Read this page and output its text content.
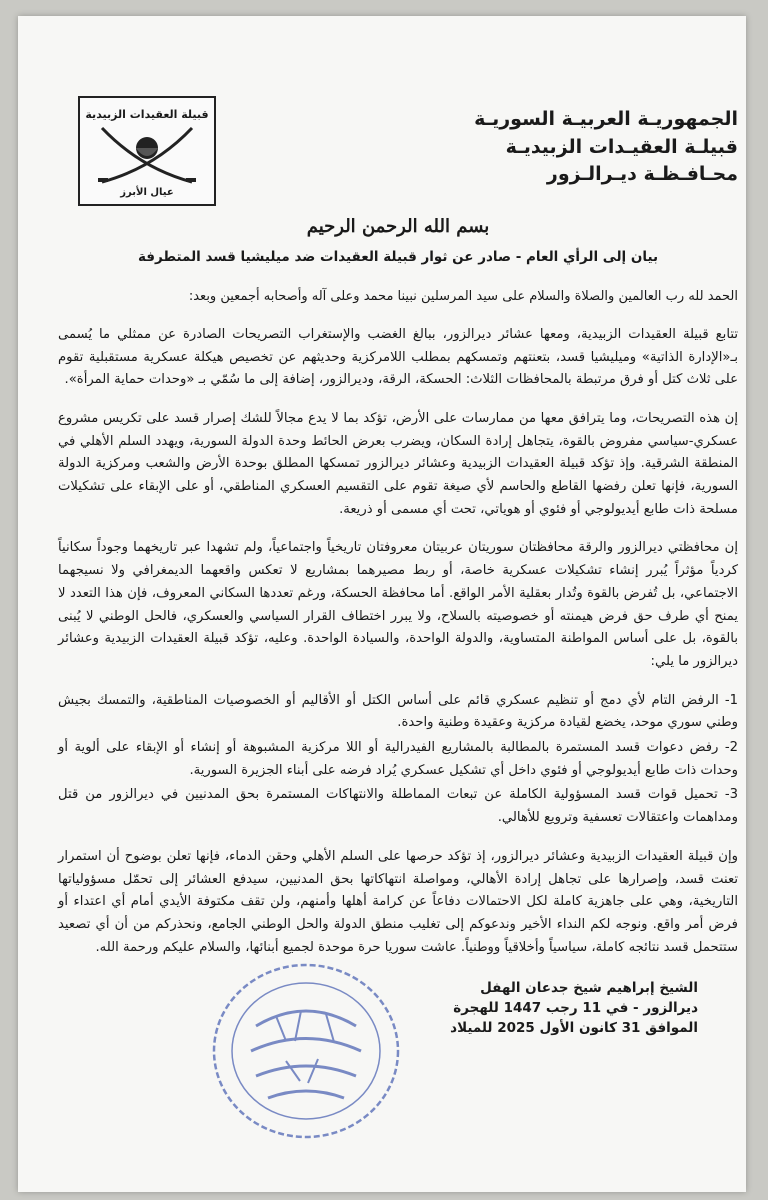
الجمهوريـة العربيـة السوريـة
قبيلـة العقيـدات الزبيديـة
محـافـظـة ديـرالـزور
قبيلة العقيدات الزبيدية
عيال الأبرز
بسم الله الرحمن الرحيم
بيان إلى الرأي العام - صادر عن ثوار قبيلة العقيدات ضد ميليشيا قسد المتطرفة
الحمد لله رب العالمين والصلاة والسلام على سيد المرسلين نبينا محمد وعلى آله وأصحابه أجمعين وبعد:
تتابع قبيلة العقيدات الزبيدية، ومعها عشائر ديرالزور، ببالغ الغضب والإستغراب التصريحات الصادرة عن ممثلي ما يُسمى بـ«الإدارة الذاتية» وميليشيا قسد، بتعنتهم وتمسكهم بمطلب اللامركزية وحديثهم عن تخصيص هيكلة عسكرية مستقبلية تقوم على ثلاث كتل أو فرق مرتبطة بالمحافظات الثلاث: الحسكة، الرقة، وديرالزور، إضافة إلى ما سُمّي بـ «وحدات حماية المرأة».
إن هذه التصريحات، وما يترافق معها من ممارسات على الأرض، تؤكد بما لا يدع مجالاً للشك إصرار قسد على تكريس مشروع عسكري-سياسي مفروض بالقوة، يتجاهل إرادة السكان، ويضرب بعرض الحائط وحدة الدولة السورية، ويهدد السلم الأهلي في المنطقة الشرقية. وإذ تؤكد قبيلة العقيدات الزبيدية وعشائر ديرالزور تمسكها المطلق بوحدة الأرض والشعب ومركزية الدولة السورية، فإنها تعلن رفضها القاطع والحاسم لأي صيغة تقوم على التقسيم العسكري المناطقي، أو على الإبقاء على تشكيلات مسلحة ذات طابع أيديولوجي أو فئوي أو هوياتي، تحت أي مسمى أو ذريعة.
إن محافظتي ديرالزور والرقة محافظتان سوريتان عربيتان معروفتان تاريخياً واجتماعياً، ولم تشهدا عبر تاريخهما وجوداً سكانياً كردياً مؤثراً يُبرر إنشاء تشكيلات عسكرية خاصة، أو ربط مصيرهما بمشاريع لا تعكس واقعهما الديمغرافي ولا نسيجهما الاجتماعي، بل تُفرض بالقوة وتُدار بعقلية الأمر الواقع. أما محافظة الحسكة، ورغم تعددها السكاني المعروف، فإن هذا التعدد لا يمنح أي طرف حق فرض هيمنته أو خصوصيته بالسلاح، ولا يبرر اختطاف القرار السياسي والعسكري، فالحل الوطني لا يُبنى بالقوة، بل على أساس المواطنة المتساوية، والدولة الواحدة، والسيادة الواحدة. وعليه، تؤكد قبيلة العقيدات الزبيدية وعشائر ديرالزور ما يلي:
1- الرفض التام لأي دمج أو تنظيم عسكري قائم على أساس الكتل أو الأقاليم أو الخصوصيات المناطقية، والتمسك بجيش وطني سوري موحد، يخضع لقيادة مركزية وعقيدة وطنية واحدة.
2- رفض دعوات قسد المستمرة بالمطالبة بالمشاريع الفيدرالية أو اللا مركزية المشبوهة أو إنشاء أو الإبقاء على ألوية أو وحدات ذات طابع أيديولوجي أو فئوي داخل أي تشكيل عسكري يُراد فرضه على أبناء الجزيرة السورية.
3- تحميل قوات قسد المسؤولية الكاملة عن تبعات المماطلة والانتهاكات المستمرة بحق المدنيين في ديرالزور من قتل ومداهمات واعتقالات تعسفية وترويع للأهالي.
وإن قبيلة العقيدات الزبيدية وعشائر ديرالزور، إذ تؤكد حرصها على السلم الأهلي وحقن الدماء، فإنها تعلن بوضوح أن استمرار تعنت قسد، وإصرارها على تجاهل إرادة الأهالي، ومواصلة انتهاكاتها بحق المدنيين، سيدفع العشائر إلى تحمّل مسؤولياتها التاريخية، وهي على جاهزية كاملة لكل الاحتمالات دفاعاً عن كرامة أهلها وأمنهم، ولن تقف مكتوفة الأيدي أمام أي اعتداء أو فرض أمر واقع. ونوجه لكم النداء الأخير وندعوكم إلى تغليب منطق الدولة والحل الوطني الجامع، ونحذركم من أن أي تصعيد ستتحمل قسد نتائجه كاملة، سياسياً وأخلاقياً ووطنياً. عاشت سوريا حرة موحدة لجميع أبنائها، والسلام عليكم ورحمة الله.
الشيخ إبراهيم شيخ جدعان الهفل
ديرالزور - في 11 رجب 1447 للهجرة
الموافق 31 كانون الأول 2025 للميلاد
